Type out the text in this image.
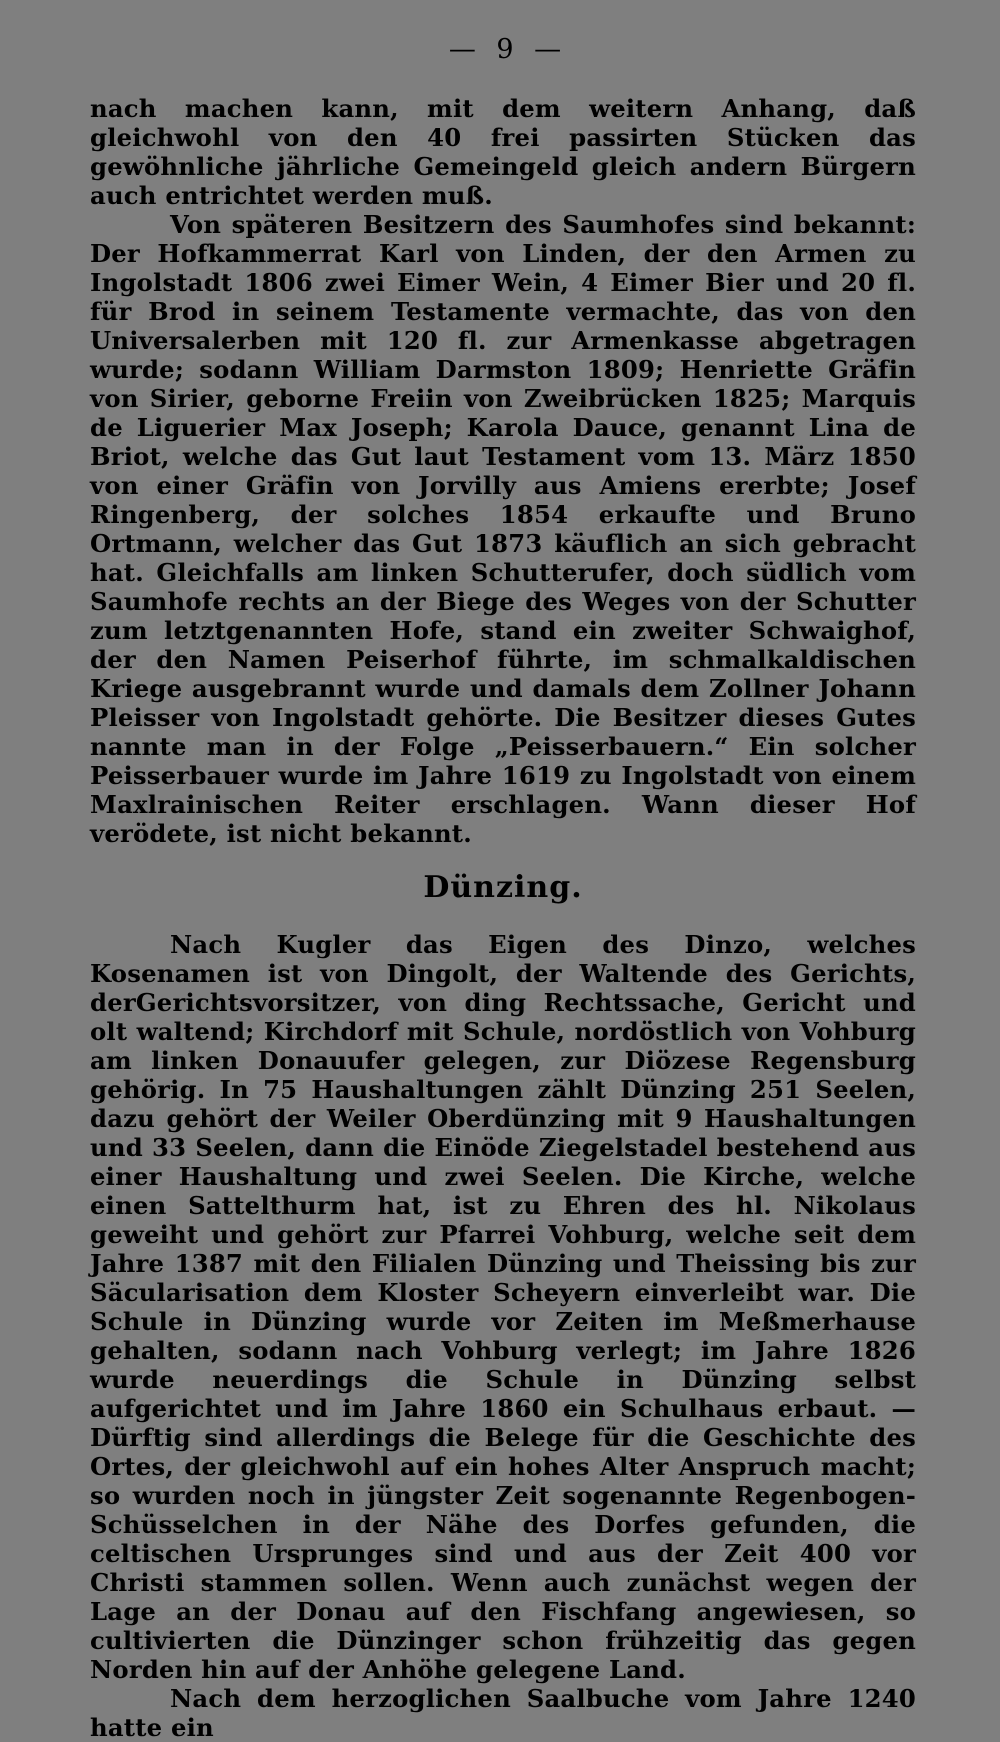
— 9 —

nach machen kann, mit dem weitern Anhang, daß gleichwohl von den 40 frei passirten Stücken das gewöhnliche jährliche Gemeingeld gleich andern Bürgern auch entrichtet werden muß.

Von späteren Besitzern des Saumhofes sind bekannt: Der Hofkammerrat Karl von Linden, der den Armen zu Ingolstadt 1806 zwei Eimer Wein, 4 Eimer Bier und 20 fl. für Brod in seinem Testamente vermachte, das von den Universalerben mit 120 fl. zur Armenkasse abgetragen wurde; sodann William Darmston 1809; Henriette Gräfin von Sirier, geborne Freiin von Zweibrücken 1825; Marquis de Liguerier Max Joseph; Karola Dauce, genannt Lina de Briot, welche das Gut laut Testament vom 13. März 1850 von einer Gräfin von Jorvilly aus Amiens ererbte; Josef Ringenberg, der solches 1854 erkaufte und Bruno Ortmann, welcher das Gut 1873 käuflich an sich gebracht hat. Gleichfalls am linken Schutterufer, doch südlich vom Saumhofe rechts an der Biege des Weges von der Schutter zum letztgenannten Hofe, stand ein zweiter Schwaighof, der den Namen Peiserhof führte, im schmalkaldischen Kriege ausgebrannt wurde und damals dem Zollner Johann Pleisser von Ingolstadt gehörte. Die Besitzer dieses Gutes nannte man in der Folge „Peisserbauern.“ Ein solcher Peisserbauer wurde im Jahre 1619 zu Ingolstadt von einem Maxlrainischen Reiter erschlagen. Wann dieser Hof verödete, ist nicht bekannt.

Dünzing.

Nach Kugler das Eigen des Dinzo, welches Kosenamen ist von Dingolt, der Waltende des Gerichts, derGerichtsvorsitzer, von ding Rechtssache, Gericht und olt waltend; Kirchdorf mit Schule, nordöstlich von Vohburg am linken Donauufer gelegen, zur Diözese Regensburg gehörig. In 75 Haushaltungen zählt Dünzing 251 Seelen, dazu gehört der Weiler Oberdünzing mit 9 Haushaltungen und 33 Seelen, dann die Einöde Ziegelstadel bestehend aus einer Haushaltung und zwei Seelen. Die Kirche, welche einen Sattelthurm hat, ist zu Ehren des hl. Nikolaus geweiht und gehört zur Pfarrei Vohburg, welche seit dem Jahre 1387 mit den Filialen Dünzing und Theissing bis zur Säcularisation dem Kloster Scheyern einverleibt war. Die Schule in Dünzing wurde vor Zeiten im Meßmerhause gehalten, sodann nach Vohburg verlegt; im Jahre 1826 wurde neuerdings die Schule in Dünzing selbst aufgerichtet und im Jahre 1860 ein Schulhaus erbaut. — Dürftig sind allerdings die Belege für die Geschichte des Ortes, der gleichwohl auf ein hohes Alter Anspruch macht; so wurden noch in jüngster Zeit sogenannte Regenbogen-Schüsselchen in der Nähe des Dorfes gefunden, die celtischen Ursprunges sind und aus der Zeit 400 vor Christi stammen sollen. Wenn auch zunächst wegen der Lage an der Donau auf den Fischfang angewiesen, so cultivierten die Dünzinger schon frühzeitig das gegen Norden hin auf der Anhöhe gelegene Land.

Nach dem herzoglichen Saalbuche vom Jahre 1240 hatte ein
